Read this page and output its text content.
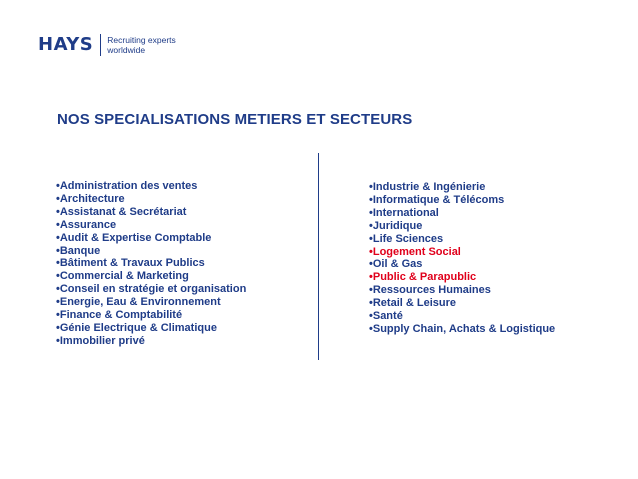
HAYS Recruiting experts
worldwide
NOS SPECIALISATIONS METIERS ET SECTEURS
•Administration des ventes
•Architecture
•Assistanat & Secrétariat
•Assurance
•Audit & Expertise Comptable
•Banque
•Bâtiment & Travaux Publics
•Commercial & Marketing
•Conseil en stratégie et organisation
•Energie, Eau & Environnement
•Finance & Comptabilité
•Génie Electrique & Climatique
•Immobilier privé
•Industrie & Ingénierie
•Informatique & Télécoms
•International
•Juridique
•Life Sciences
•Logement Social
•Oil & Gas
•Public & Parapublic
•Ressources Humaines
•Retail & Leisure
•Santé
•Supply Chain, Achats & Logistique
